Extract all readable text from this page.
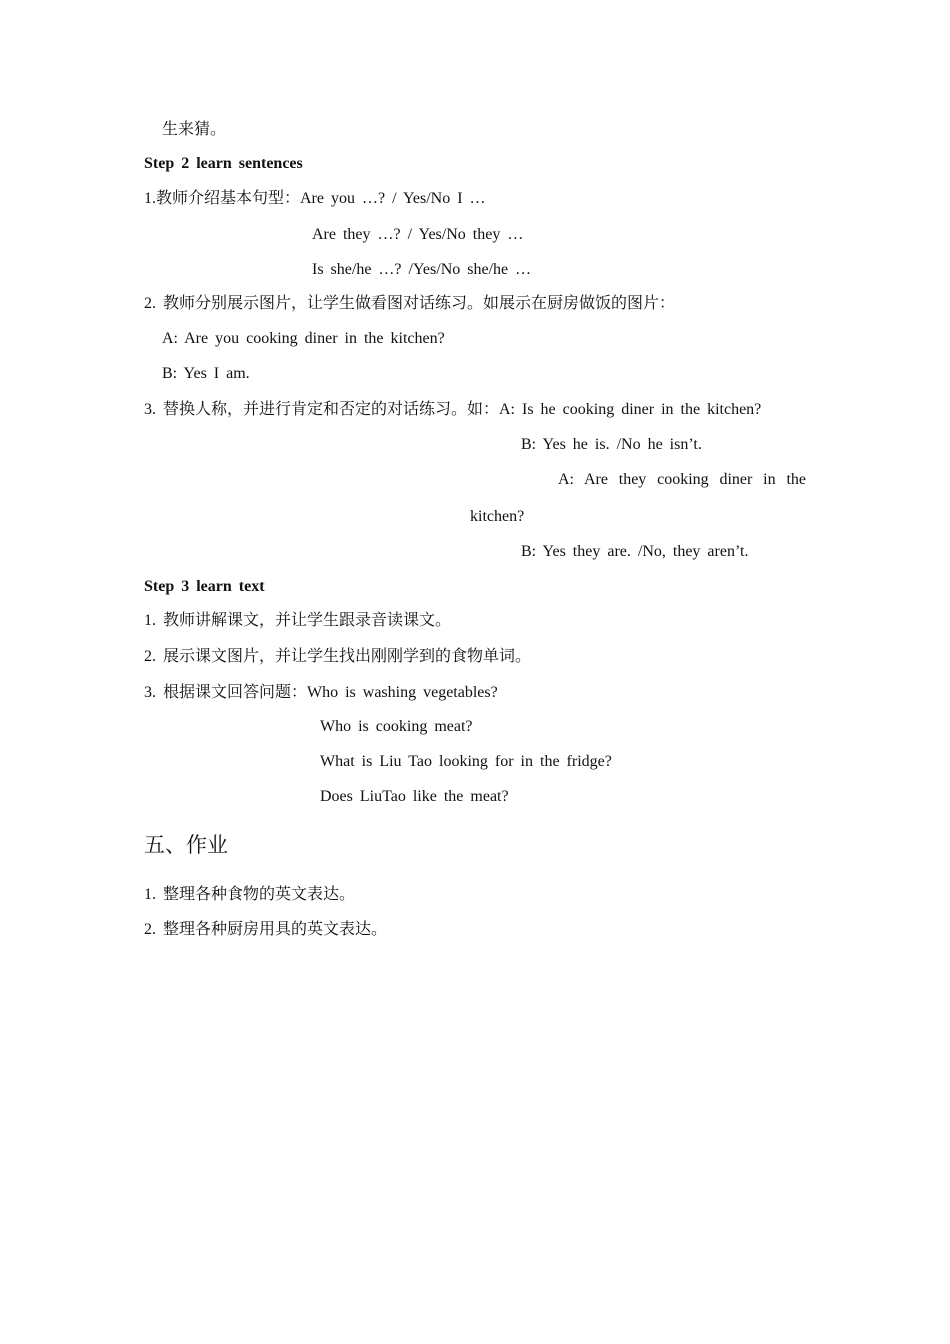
生来猜。
Step 2 learn sentences
1.教师介绍基本句型：Are you …? / Yes/No I …
Are they …? / Yes/No they …
Is she/he …? /Yes/No she/he …
2. 教师分别展示图片，让学生做看图对话练习。如展示在厨房做饭的图片：
A: Are you cooking diner in the kitchen?
B: Yes I am.
3. 替换人称，并进行肯定和否定的对话练习。如：A: Is he cooking diner in the kitchen?
B: Yes he is. /No he isn’t.
A: Are they cooking diner in the
kitchen?
B: Yes they are. /No, they aren’t.
Step 3 learn text
1. 教师讲解课文，并让学生跟录音读课文。
2. 展示课文图片，并让学生找出刚刚学到的食物单词。
3. 根据课文回答问题：Who is washing vegetables?
Who is cooking meat?
What is Liu Tao looking for in the fridge?
Does LiuTao like the meat?
五、作业
1. 整理各种食物的英文表达。
2. 整理各种厨房用具的英文表达。
